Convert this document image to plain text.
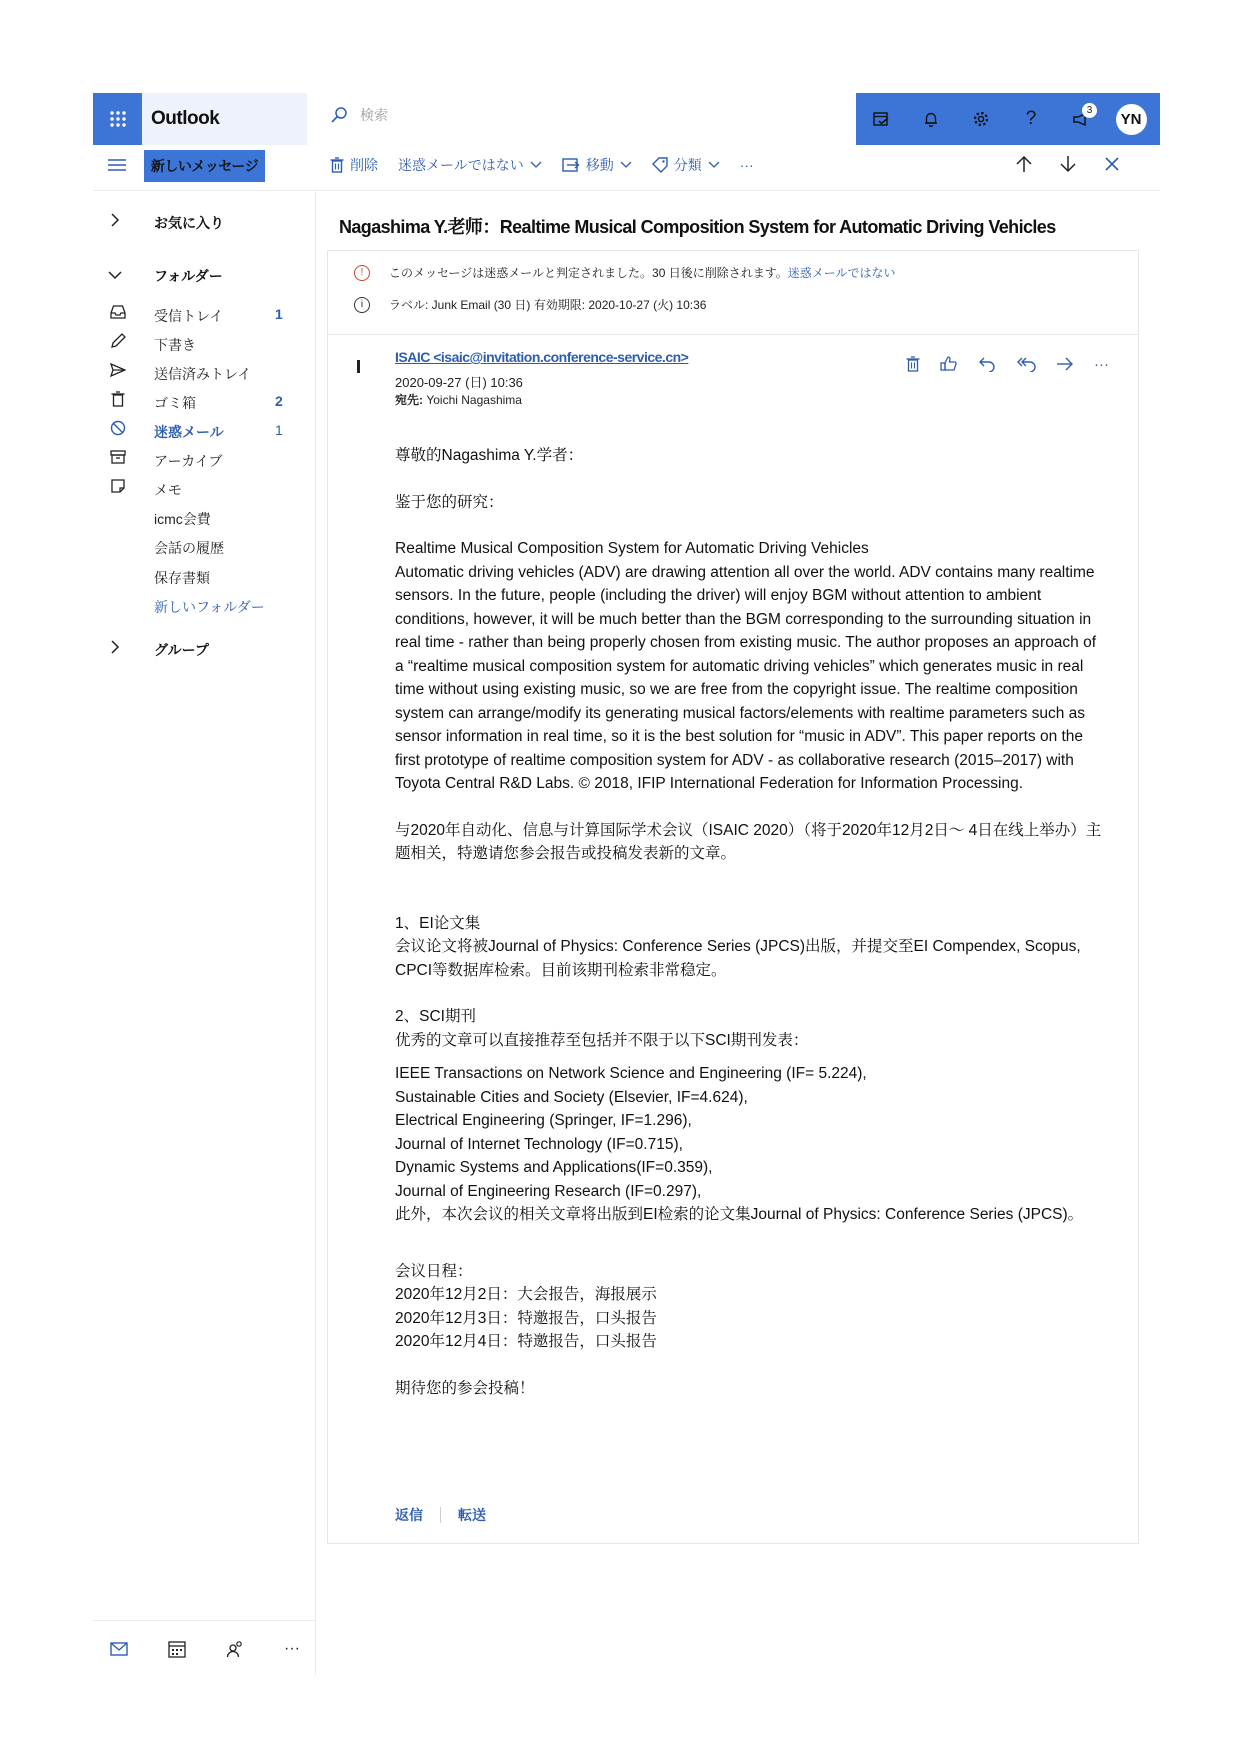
Outlook	検索	?	3	YN
新しいメッセージ	削除 迷惑メールではない	移動	分類	···
お気に入り
フォルダー
受信トレイ	1
下書き
送信済みトレイ
ゴミ箱	2
迷惑メール	1
アーカイブ
メモ
icmc会費
会話の履歴
保存書類
新しいフォルダー
グループ
···
Nagashima Y.老师：Realtime Musical Composition System for Automatic Driving Vehicles
!	このメッセージは迷惑メールと判定されました。30 日後に削除されます。 迷惑メールではない
i	ラベル: Junk Email (30 日) 有効期限: 2020-10-27 (火) 10:36
ISAIC <isaic@invitation.conference-service.cn>
2020-09-27 (日) 10:36
宛先: Yoichi Nagashima
···

尊敬的Nagashima Y.学者：

鉴于您的研究：

Realtime Musical Composition System for Automatic Driving Vehicles

Automatic driving vehicles (ADV) are drawing attention all over the world. ADV contains many realtime sensors. In the future, people (including the driver) will enjoy BGM without attention to ambient conditions, however, it will be much better than the BGM corresponding to the surrounding situation in real time - rather than being properly chosen from existing music. The author proposes an approach of a “realtime musical composition system for automatic driving vehicles” which generates music in real time without using existing music, so we are free from the copyright issue. The realtime composition system can arrange/modify its generating musical factors/elements with realtime parameters such as sensor information in real time, so it is the best solution for “music in ADV”. This paper reports on the first prototype of realtime composition system for ADV - as collaborative research (2015–2017) with Toyota Central R&D Labs. © 2018, IFIP International Federation for Information Processing.

与2020年自动化、信息与计算国际学术会议（ISAIC 2020）（将于2020年12月2日～ 4日在线上举办）主题相关，特邀请您参会报告或投稿发表新的文章。

1、EI论文集

会议论文将被Journal of Physics: Conference Series (JPCS)出版，并提交至EI Compendex, Scopus, CPCI等数据库检索。目前该期刊检索非常稳定。

2、SCI期刊

优秀的文章可以直接推荐至包括并不限于以下SCI期刊发表：

IEEE Transactions on Network Science and Engineering (IF= 5.224),

Sustainable Cities and Society (Elsevier, IF=4.624),

Electrical Engineering (Springer, IF=1.296),

Journal of Internet Technology (IF=0.715),

Dynamic Systems and Applications(IF=0.359),

Journal of Engineering Research (IF=0.297),

此外，本次会议的相关文章将出版到EI检索的论文集Journal of Physics: Conference Series (JPCS)。

会议日程：

2020年12月2日：大会报告，海报展示

2020年12月3日：特邀报告，口头报告

2020年12月4日：特邀报告，口头报告

期待您的参会投稿！

返信	転送
